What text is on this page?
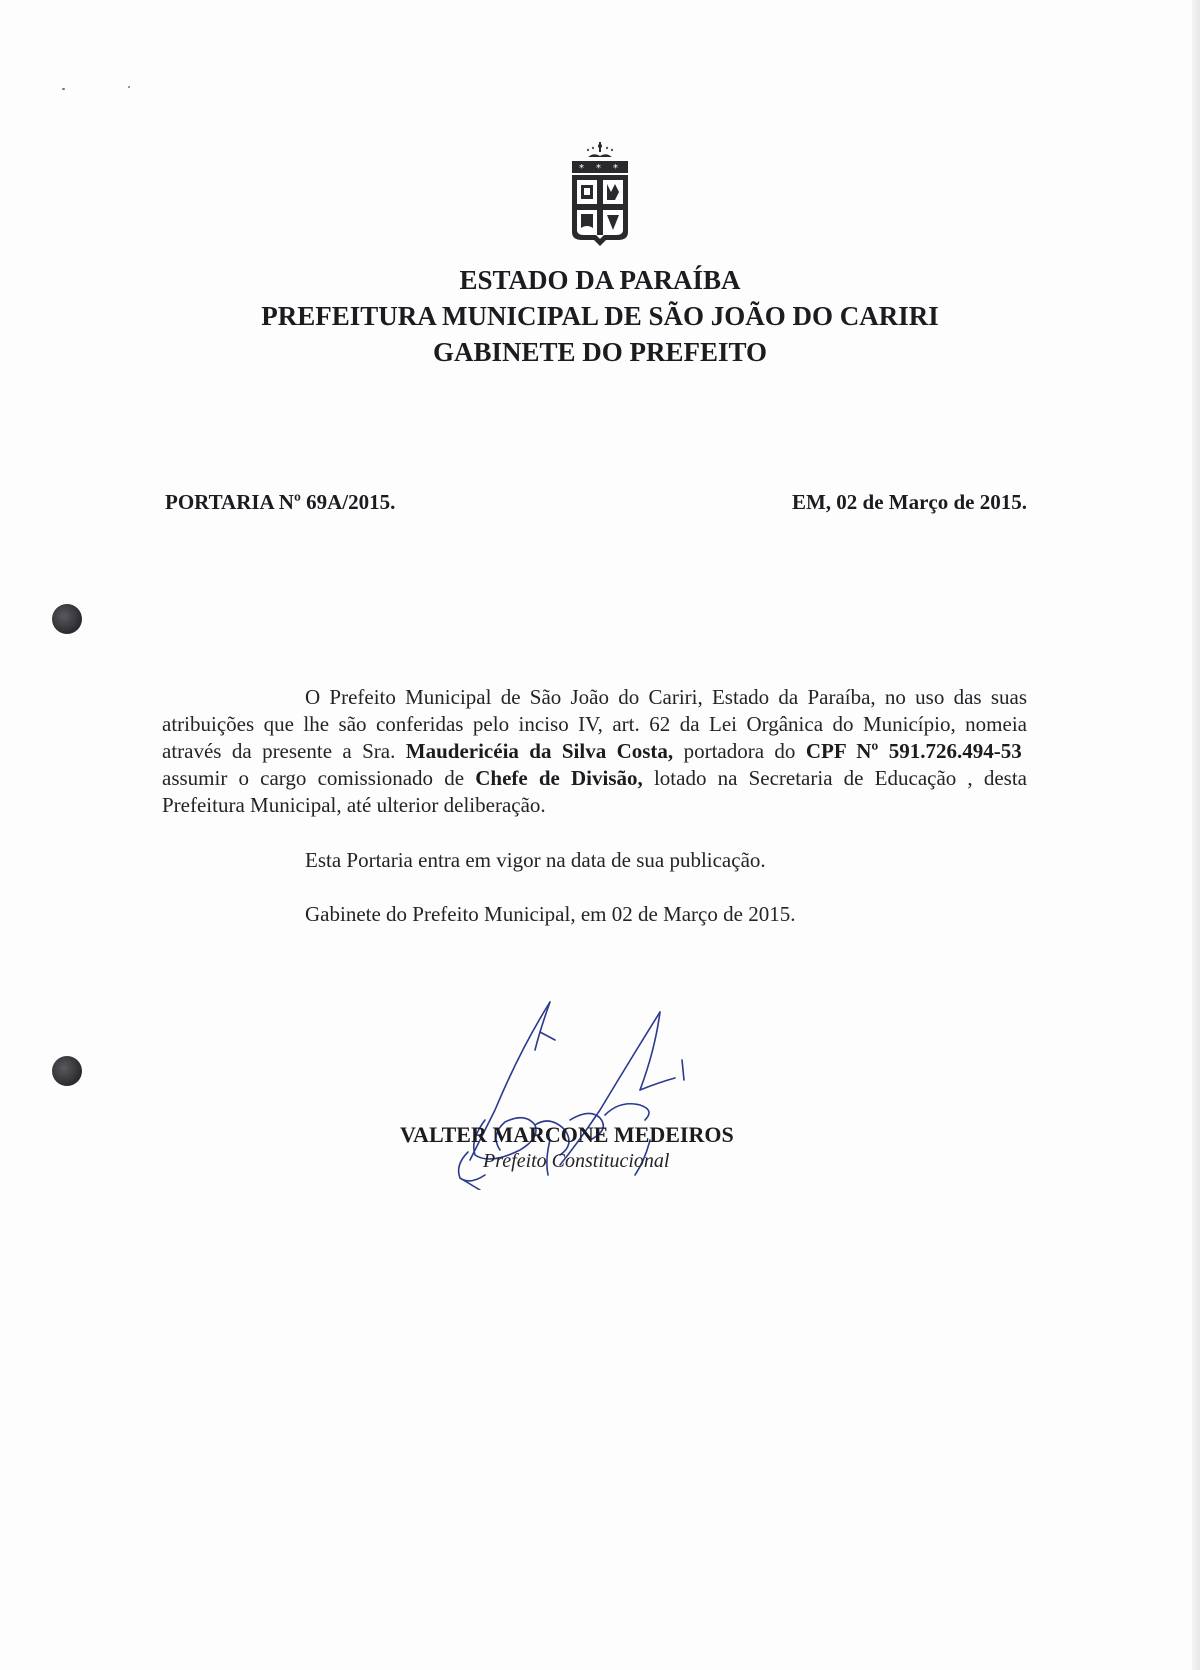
* * *
ESTADO DA PARAÍBA
PREFEITURA MUNICIPAL DE SÃO JOÃO DO CARIRI
GABINETE DO PREFEITO
PORTARIA Nº 69A/2015.	EM, 02 de Março de 2015.

O Prefeito Municipal de São João do Cariri, Estado da Paraíba, no uso das suas atribuições que lhe são conferidas pelo inciso IV, art. 62 da Lei Orgânica do Município, nomeia através da presente a Sra. Maudericéia da Silva Costa, portadora do CPF Nº 591.726.494-53  assumir o cargo comissionado de Chefe de Divisão, lotado na Secretaria de Educação , desta Prefeitura Municipal, até ulterior deliberação.

Esta Portaria entra em vigor na data de sua publicação.
Gabinete do Prefeito Municipal, em 02 de Março de 2015.
VALTER MARCONE MEDEIROS
Prefeito Constitucional
